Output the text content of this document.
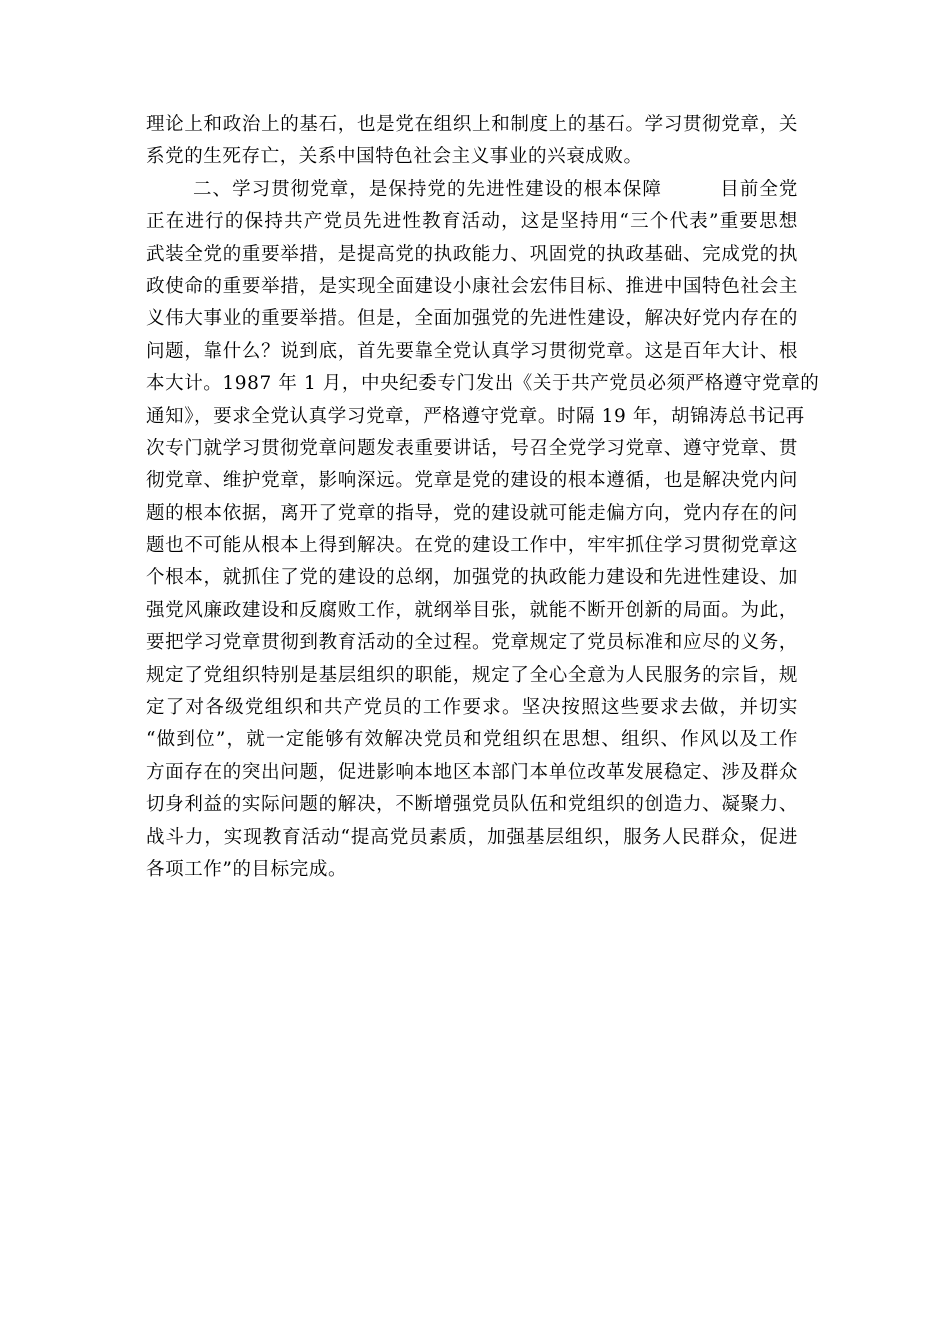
理论上和政治上的基石，也是党在组织上和制度上的基石。学习贯彻党章，关
系党的生死存亡，关系中国特色社会主义事业的兴衰成败。
二、学习贯彻党章，是保持党的先进性建设的根本保障	目前全党
正在进行的保持共产党员先进性教育活动，这是坚持用“三个代表”重要思想
武装全党的重要举措，是提高党的执政能力、巩固党的执政基础、完成党的执
政使命的重要举措，是实现全面建设小康社会宏伟目标、推进中国特色社会主
义伟大事业的重要举措。但是，全面加强党的先进性建设，解决好党内存在的
问题，靠什么？说到底，首先要靠全党认真学习贯彻党章。这是百年大计、根
本大计。1987 年 1 月，中央纪委专门发出《关于共产党员必须严格遵守党章的
通知》，要求全党认真学习党章，严格遵守党章。时隔 19 年，胡锦涛总书记再
次专门就学习贯彻党章问题发表重要讲话，号召全党学习党章、遵守党章、贯
彻党章、维护党章，影响深远。党章是党的建设的根本遵循，也是解决党内问
题的根本依据，离开了党章的指导，党的建设就可能走偏方向，党内存在的问
题也不可能从根本上得到解决。在党的建设工作中，牢牢抓住学习贯彻党章这
个根本，就抓住了党的建设的总纲，加强党的执政能力建设和先进性建设、加
强党风廉政建设和反腐败工作，就纲举目张，就能不断开创新的局面。为此，
要把学习党章贯彻到教育活动的全过程。党章规定了党员标准和应尽的义务，
规定了党组织特别是基层组织的职能，规定了全心全意为人民服务的宗旨，规
定了对各级党组织和共产党员的工作要求。坚决按照这些要求去做，并切实
“做到位”，就一定能够有效解决党员和党组织在思想、组织、作风以及工作
方面存在的突出问题，促进影响本地区本部门本单位改革发展稳定、涉及群众
切身利益的实际问题的解决，不断增强党员队伍和党组织的创造力、凝聚力、
战斗力，实现教育活动“提高党员素质，加强基层组织，服务人民群众，促进
各项工作”的目标完成。
